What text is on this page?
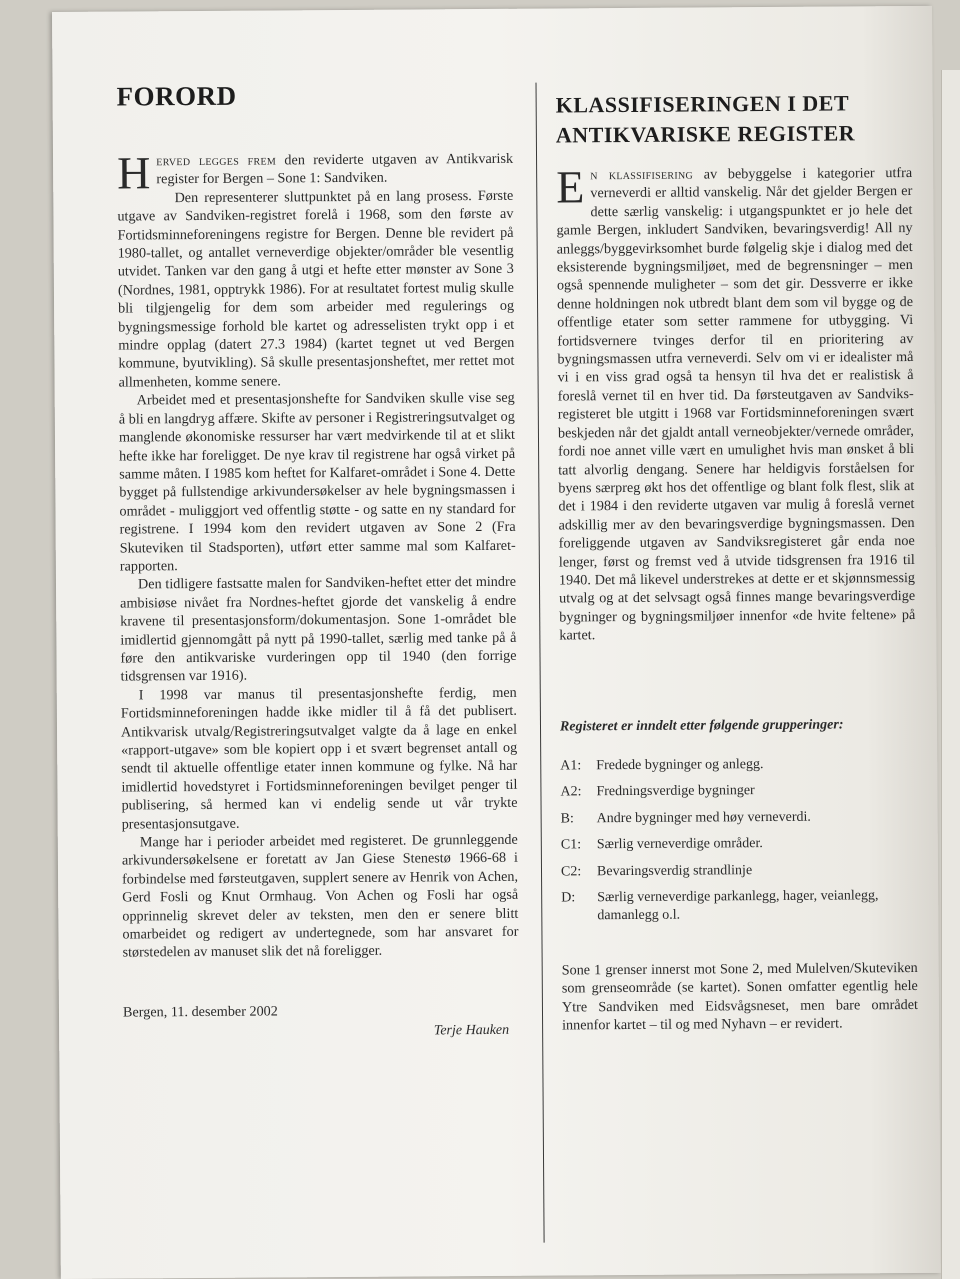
FORORD

Herved legges frem den reviderte utgaven av Antikvarisk register for Bergen – Sone 1: Sandviken.

Den representerer sluttpunktet på en lang prosess. Første utgave av Sandviken-registret forelå i 1968, som den første av Fortidsminneforeningens registre for Bergen. Denne ble revidert på 1980-tallet, og antallet verneverdige objekter/områder ble vesentlig utvidet. Tanken var den gang å utgi et hefte etter mønster av Sone 3 (Nordnes, 1981, opptrykk 1986). For at resultatet fortest mulig skulle bli tilgjengelig for dem som arbeider med regulerings og bygningsmessige forhold ble kartet og adresselisten trykt opp i et mindre opplag (datert 27.3 1984) (kartet tegnet ut ved Bergen kommune, byutvikling). Så skulle presentasjonsheftet, mer rettet mot allmenheten, komme senere.

Arbeidet med et presentasjonshefte for Sandviken skulle vise seg å bli en langdryg affære. Skifte av personer i Registreringsutvalget og manglende økonomiske ressurser har vært medvirkende til at et slikt hefte ikke har foreligget. De nye krav til registrene har også virket på samme måten. I 1985 kom heftet for Kalfaret-området i Sone 4. Dette bygget på fullstendige arkivundersøkelser av hele bygningsmassen i området - muliggjort ved offentlig støtte - og satte en ny standard for registrene. I 1994 kom den revidert utgaven av Sone 2 (Fra Skuteviken til Stadsporten), utført etter samme mal som Kalfaret-rapporten.

Den tidligere fastsatte malen for Sandviken-heftet etter det mindre ambisiøse nivået fra Nordnes-heftet gjorde det vanskelig å endre kravene til presentasjonsform/dokumentasjon. Sone 1-området ble imidlertid gjennomgått på nytt på 1990-tallet, særlig med tanke på å føre den antikvariske vurderingen opp til 1940 (den forrige tidsgrensen var 1916).

I 1998 var manus til presentasjonshefte ferdig, men Fortidsminneforeningen hadde ikke midler til å få det publisert. Antikvarisk utvalg/Registreringsutvalget valgte da å lage en enkel «rapport-utgave» som ble kopiert opp i et svært begrenset antall og sendt til aktuelle offentlige etater innen kommune og fylke. Nå har imidlertid hovedstyret i Fortidsminneforeningen bevilget penger til publisering, så hermed kan vi endelig sende ut vår trykte presentasjonsutgave.

Mange har i perioder arbeidet med registeret. De grunnleggende arkivundersøkelsene er foretatt av Jan Giese Stenestø 1966-68 i forbindelse med førsteutgaven, supplert senere av Henrik von Achen, Gerd Fosli og Knut Ormhaug. Von Achen og Fosli har også opprinnelig skrevet deler av teksten, men den er senere blitt omarbeidet og redigert av undertegnede, som har ansvaret for størstedelen av manuset slik det nå foreligger.

Bergen, 11. desember 2002
Terje Hauken
KLASSIFISERINGEN I DET
ANTIKVARISKE REGISTER

En klassifisering av bebyggelse i kategorier utfra verneverdi er alltid vanskelig. Når det gjelder Bergen er dette særlig vanskelig: i utgangspunktet er jo hele det gamle Bergen, inkludert Sandviken, bevaringsverdig! All ny anleggs/byggevirksomhet burde følgelig skje i dialog med det eksisterende bygningsmiljøet, med de begrensninger – men også spennende muligheter – som det gir. Dessverre er ikke denne holdningen nok utbredt blant dem som vil bygge og de offentlige etater som setter rammene for utbygging. Vi fortidsvernere tvinges derfor til en prioritering av bygningsmassen utfra verneverdi. Selv om vi er idealister må vi i en viss grad også ta hensyn til hva det er realistisk å foreslå vernet til en hver tid. Da førsteutgaven av Sandviks-registeret ble utgitt i 1968 var Fortidsminneforeningen svært beskjeden når det gjaldt antall verneobjekter/vernede områder, fordi noe annet ville vært en umulighet hvis man ønsket å bli tatt alvorlig dengang. Senere har heldigvis forståelsen for byens særpreg økt hos det offentlige og blant folk flest, slik at det i 1984 i den reviderte utgaven var mulig å foreslå vernet adskillig mer av den bevaringsverdige bygningsmassen. Den foreliggende utgaven av Sandviksregisteret går enda noe lenger, først og fremst ved å utvide tidsgrensen fra 1916 til 1940. Det må likevel understrekes at dette er et skjønnsmessig utvalg og at det selvsagt også finnes mange bevaringsverdige bygninger og bygningsmiljøer innenfor «de hvite feltene» på kartet.

Registeret er inndelt etter følgende grupperinger:
A1:	Fredede bygninger og anlegg.
A2:	Fredningsverdige bygninger
B:	Andre bygninger med høy verneverdi.
C1:	Særlig verneverdige områder.
C2:	Bevaringsverdig strandlinje
D:	Særlig verneverdige parkanlegg, hager, veianlegg, damanlegg o.l.

Sone 1 grenser innerst mot Sone 2, med Mulelven/Skuteviken som grenseområde (se kartet). Sonen omfatter egentlig hele Ytre Sandviken med Eidsvågsneset, men bare området innenfor kartet – til og med Nyhavn – er revidert.
